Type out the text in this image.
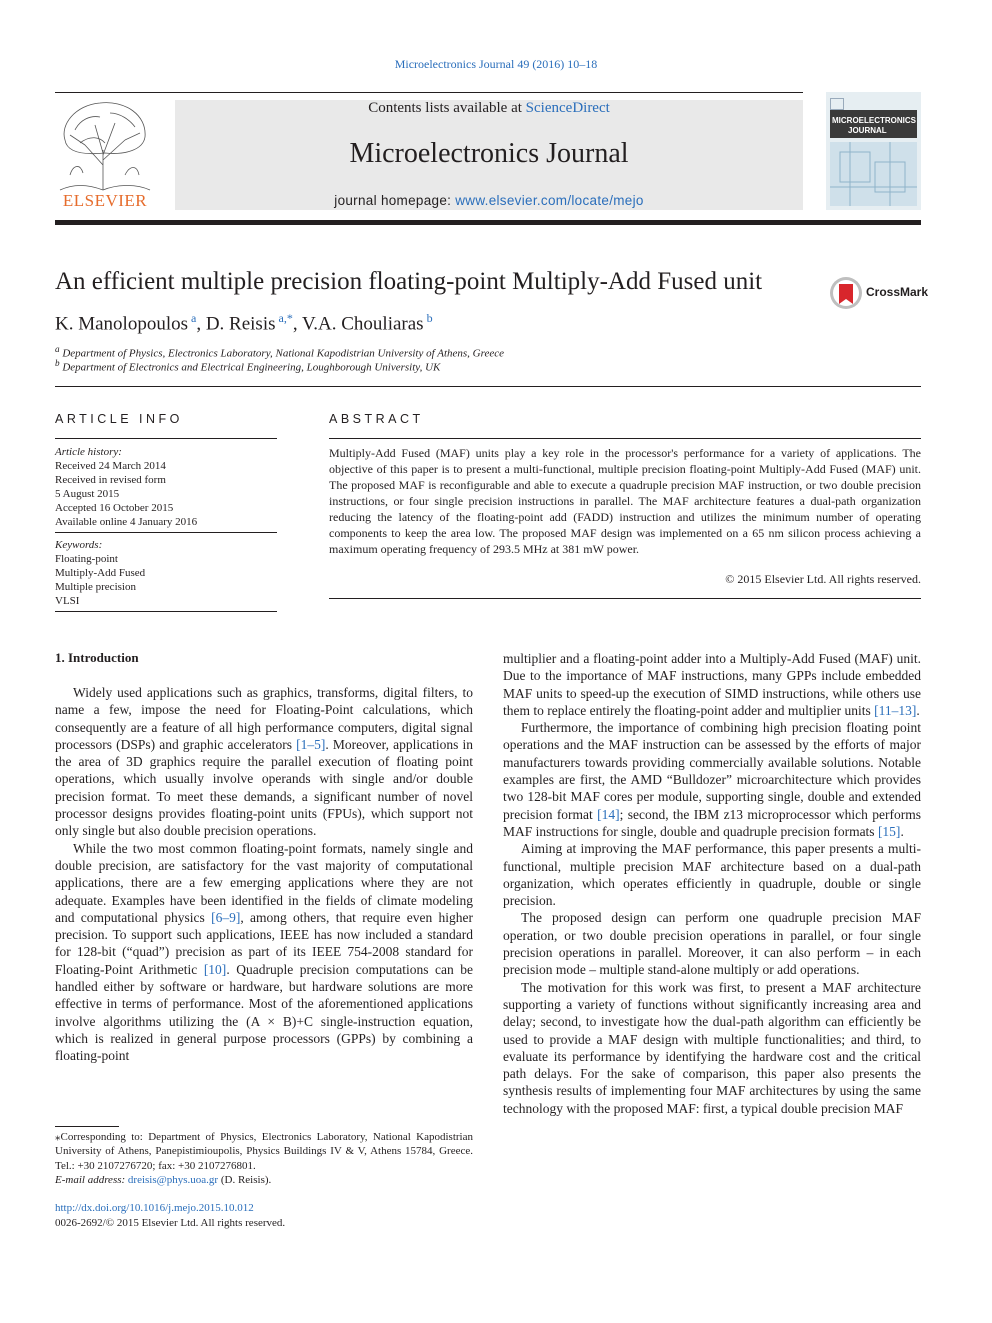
Microelectronics Journal 49 (2016) 10–18
ELSEVIER
Contents lists available at ScienceDirect
Microelectronics Journal
journal homepage: www.elsevier.com/locate/mejo
MICROELECTRONICS
JOURNAL
An efficient multiple precision floating-point Multiply-Add Fused unit	CrossMark
K. Manolopoulos $^a$, D. Reisis $^{a,*}$, V.A. Chouliaras $^b$
$^a$ Department of Physics, Electronics Laboratory, National Kapodistrian University of Athens, Greece
$^b$ Department of Electronics and Electrical Engineering, Loughborough University, UK
ARTICLE INFO	ABSTRACT
Article history:
Received 24 March 2014
Received in revised form
5 August 2015
Accepted 16 October 2015
Available online 4 January 2016
Keywords:
Floating-point
Multiply-Add Fused
Multiple precision
VLSI
Multiply-Add Fused (MAF) units play a key role in the processor's performance for a variety of applications. The objective of this paper is to present a multi-functional, multiple precision floating-point Multiply-Add Fused (MAF) unit. The proposed MAF is reconfigurable and able to execute a quadruple precision MAF instruction, or two double precision instructions, or four single precision instructions in parallel. The MAF architecture features a dual-path organization reducing the latency of the floating-point add (FADD) instruction and utilizes the minimum number of operating components to keep the area low. The proposed MAF design was implemented on a 65 nm silicon process achieving a maximum operating frequency of 293.5 MHz at 381 mW power.
© 2015 Elsevier Ltd. All rights reserved.
1. Introduction

Widely used applications such as graphics, transforms, digital filters, to name a few, impose the need for Floating-Point calculations, which consequently are a feature of all high performance computers, digital signal processors (DSPs) and graphic accelerators [1–5]. Moreover, applications in the area of 3D graphics require the parallel execution of floating point operations, which usually involve operands with single and/or double precision format. To meet these demands, a significant number of novel processor designs provides floating-point units (FPUs), which support not only single but also double precision operations.

While the two most common floating-point formats, namely single and double precision, are satisfactory for the vast majority of computational applications, there are a few emerging applications where they are not adequate. Examples have been identified in the fields of climate modeling and computational physics [6–9], among others, that require even higher precision. To support such applications, IEEE has now included a standard for 128-bit (“quad”) precision as part of its IEEE 754-2008 standard for Floating-Point Arithmetic [10]. Quadruple precision computations can be handled either by software or hardware, but hardware solutions are more effective in terms of performance. Most of the aforementioned applications involve algorithms utilizing the (A × B)+C single-instruction equation, which is realized in general purpose processors (GPPs) by combining a floating-point

multiplier and a floating-point adder into a Multiply-Add Fused (MAF) unit. Due to the importance of MAF instructions, many GPPs include embedded MAF units to speed-up the execution of SIMD instructions, while others use them to replace entirely the floating-point adder and multiplier units [11–13].

Furthermore, the importance of combining high precision floating point operations and the MAF instruction can be assessed by the efforts of major manufacturers towards providing commercially available solutions. Notable examples are first, the AMD “Bulldozer” microarchitecture which provides two 128-bit MAF cores per module, supporting single, double and extended precision format [14]; second, the IBM z13 microprocessor which performs MAF instructions for single, double and quadruple precision formats [15].

Aiming at improving the MAF performance, this paper presents a multi-functional, multiple precision MAF architecture based on a dual-path organization, which operates efficiently in quadruple, double or single precision.

The proposed design can perform one quadruple precision MAF operation, or two double precision operations in parallel, or four single precision operations in parallel. Moreover, it can also perform – in each precision mode – multiple stand-alone multiply or add operations.

The motivation for this work was first, to present a MAF architecture supporting a variety of functions without significantly increasing area and delay; second, to investigate how the dual-path algorithm can efficiently be used to provide a MAF design with multiple functionalities; and third, to evaluate its performance by identifying the hardware cost and the critical path delays. For the sake of comparison, this paper also presents the synthesis results of implementing four MAF architectures by using the same technology with the proposed MAF: first, a typical double precision MAF

⁎Corresponding to: Department of Physics, Electronics Laboratory, National Kapodistrian University of Athens, Panepistimioupolis, Physics Buildings IV & V, Athens 15784, Greece. Tel.: +30 2107276720; fax: +30 2107276801.
E-mail address: dreisis@phys.uoa.gr (D. Reisis).
http://dx.doi.org/10.1016/j.mejo.2015.10.012
0026-2692/© 2015 Elsevier Ltd. All rights reserved.
